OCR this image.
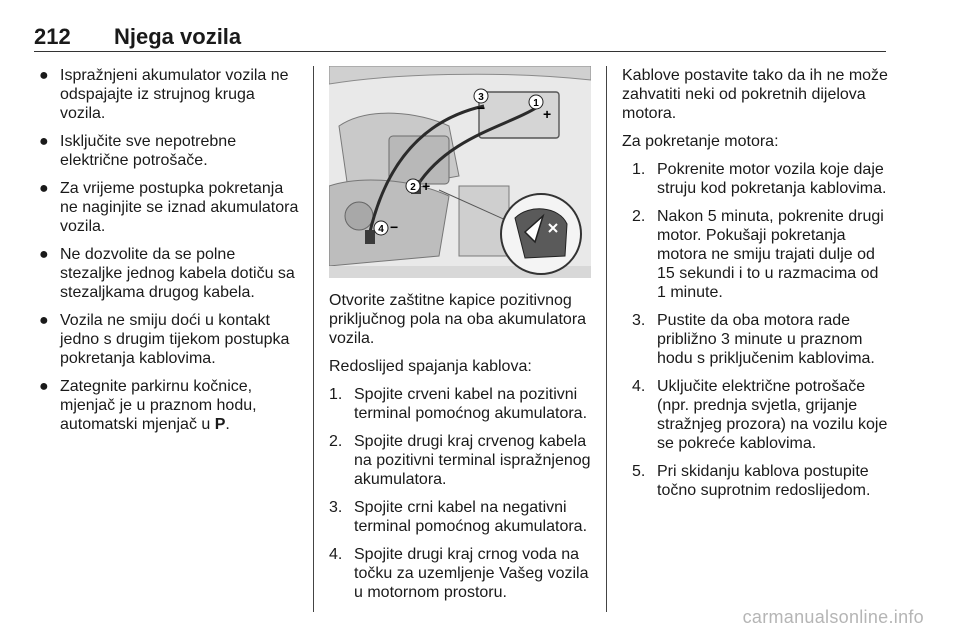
212 Njega vozila
● Ispražnjeni akumulator vozila ne odspajajte iz strujnog kruga vozila.
● Isključite sve nepotrebne električne potrošače.
● Za vrijeme postupka pokretanja ne naginjite se iznad akumulatora vozila.
● Ne dozvolite da se polne stezaljke jednog kabela dotiču sa stezaljkama drugog kabela.
● Vozila ne smiju doći u kontakt jedno s drugim tijekom postupka pokretanja kablovima.
● Zategnite parkirnu kočnice, mjenjač je u praznom hodu, automatski mjenjač u P.
1
+
3
−
2 +
4 −

Otvorite zaštitne kapice pozitivnog priključnog pola na oba akumulatora vozila.

Redoslijed spajanja kablova:

1. Spojite crveni kabel na pozitivni terminal pomoćnog akumulatora.
2. Spojite drugi kraj crvenog kabela na pozitivni terminal ispražnjenog akumulatora.
3. Spojite crni kabel na negativni terminal pomoćnog akumulatora.
4. Spojite drugi kraj crnog voda na točku za uzemljenje Vašeg vozila u motornom prostoru.

Kablove postavite tako da ih ne može zahvatiti neki od pokretnih dijelova motora.

Za pokretanje motora:

1. Pokrenite motor vozila koje daje struju kod pokretanja kablovima.
2. Nakon 5 minuta, pokrenite drugi motor. Pokušaji pokretanja motora ne smiju trajati dulje od 15 sekundi i to u razmacima od 1 minute.
3. Pustite da oba motora rade približno 3 minute u praznom hodu s priključenim kablovima.
4. Uključite električne potrošače (npr. prednja svjetla, grijanje stražnjeg prozora) na vozilu koje se pokreće kablovima.
5. Pri skidanju kablova postupite točno suprotnim redoslijedom.
carmanualsonline.info
